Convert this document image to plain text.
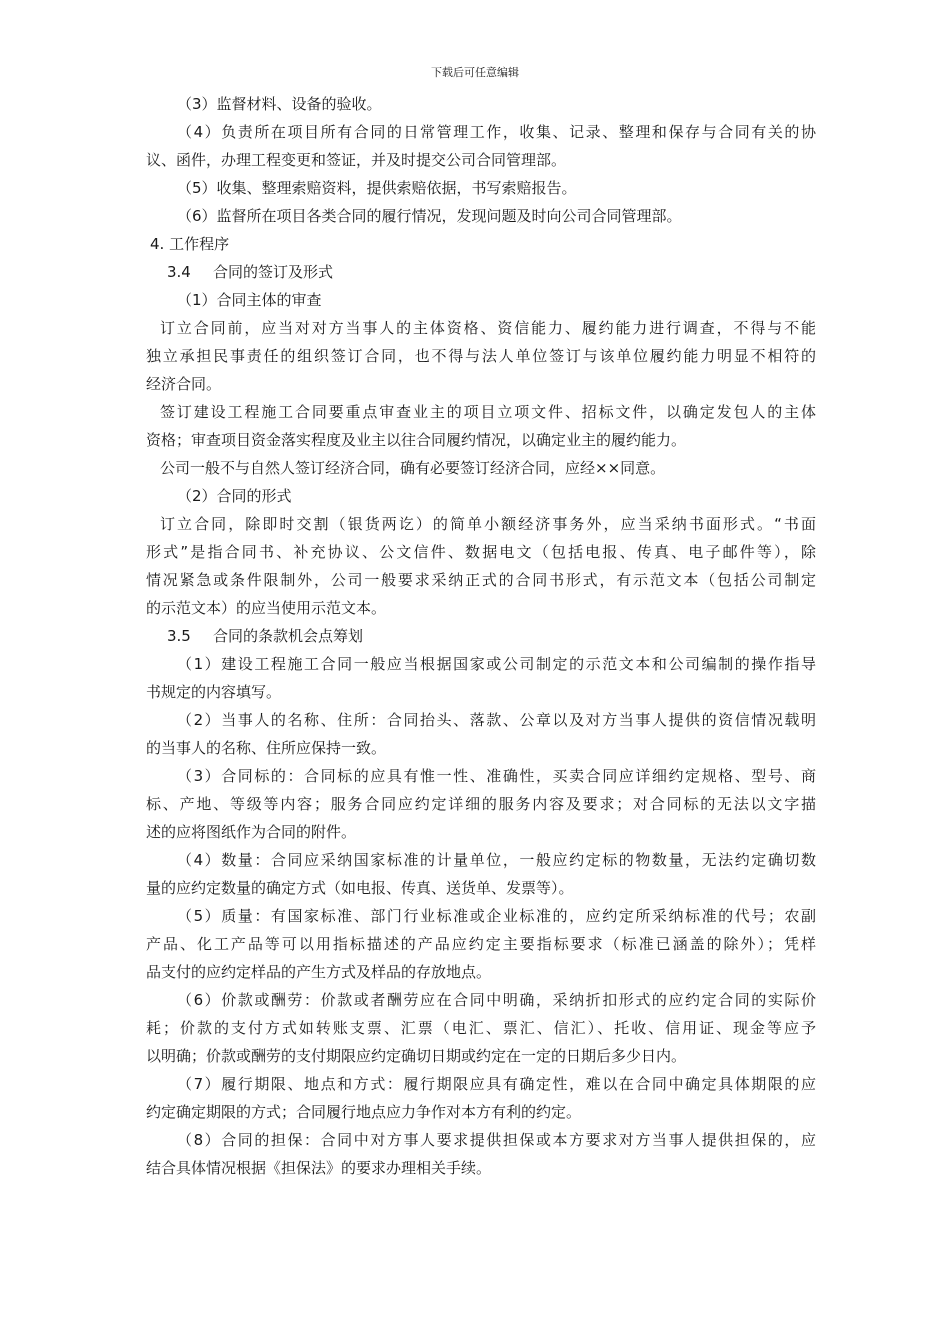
下载后可任意编辑
（3）监督材料、设备的验收。
（4）负责所在项目所有合同的日常管理工作，收集、记录、整理和保存与合同有关的协
议、函件，办理工程变更和签证，并及时提交公司合同管理部。
（5）收集、整理索赔资料，提供索赔依据，书写索赔报告。
（6）监督所在项目各类合同的履行情况，发现问题及时向公司合同管理部。
4. 工作程序
3.4 合同的签订及形式
（1）合同主体的审查
订立合同前，应当对对方当事人的主体资格、资信能力、履约能力进行调查，不得与不能
独立承担民事责任的组织签订合同，也不得与法人单位签订与该单位履约能力明显不相符的
经济合同。
签订建设工程施工合同要重点审查业主的项目立项文件、招标文件，以确定发包人的主体
资格；审查项目资金落实程度及业主以往合同履约情况，以确定业主的履约能力。
公司一般不与自然人签订经济合同，确有必要签订经济合同，应经××同意。
（2）合同的形式
订立合同，除即时交割（银货两讫）的简单小额经济事务外，应当采纳书面形式。“书面
形式”是指合同书、补充协议、公文信件、数据电文（包括电报、传真、电子邮件等），除
情况紧急或条件限制外，公司一般要求采纳正式的合同书形式，有示范文本（包括公司制定
的示范文本）的应当使用示范文本。
3.5 合同的条款机会点筹划
（1）建设工程施工合同一般应当根据国家或公司制定的示范文本和公司编制的操作指导
书规定的内容填写。
（2）当事人的名称、住所：合同抬头、落款、公章以及对方当事人提供的资信情况载明
的当事人的名称、住所应保持一致。
（3）合同标的：合同标的应具有惟一性、准确性，买卖合同应详细约定规格、型号、商
标、产地、等级等内容；服务合同应约定详细的服务内容及要求；对合同标的无法以文字描
述的应将图纸作为合同的附件。
（4）数量：合同应采纳国家标准的计量单位，一般应约定标的物数量，无法约定确切数
量的应约定数量的确定方式（如电报、传真、送货单、发票等）。
（5）质量：有国家标准、部门行业标准或企业标准的，应约定所采纳标准的代号；农副
产品、化工产品等可以用指标描述的产品应约定主要指标要求（标准已涵盖的除外）；凭样
品支付的应约定样品的产生方式及样品的存放地点。
（6）价款或酬劳：价款或者酬劳应在合同中明确，采纳折扣形式的应约定合同的实际价
耗；价款的支付方式如转账支票、汇票（电汇、票汇、信汇）、托收、信用证、现金等应予
以明确；价款或酬劳的支付期限应约定确切日期或约定在一定的日期后多少日内。
（7）履行期限、地点和方式：履行期限应具有确定性，难以在合同中确定具体期限的应
约定确定期限的方式；合同履行地点应力争作对本方有利的约定。
（8）合同的担保：合同中对方事人要求提供担保或本方要求对方当事人提供担保的，应
结合具体情况根据《担保法》的要求办理相关手续。
